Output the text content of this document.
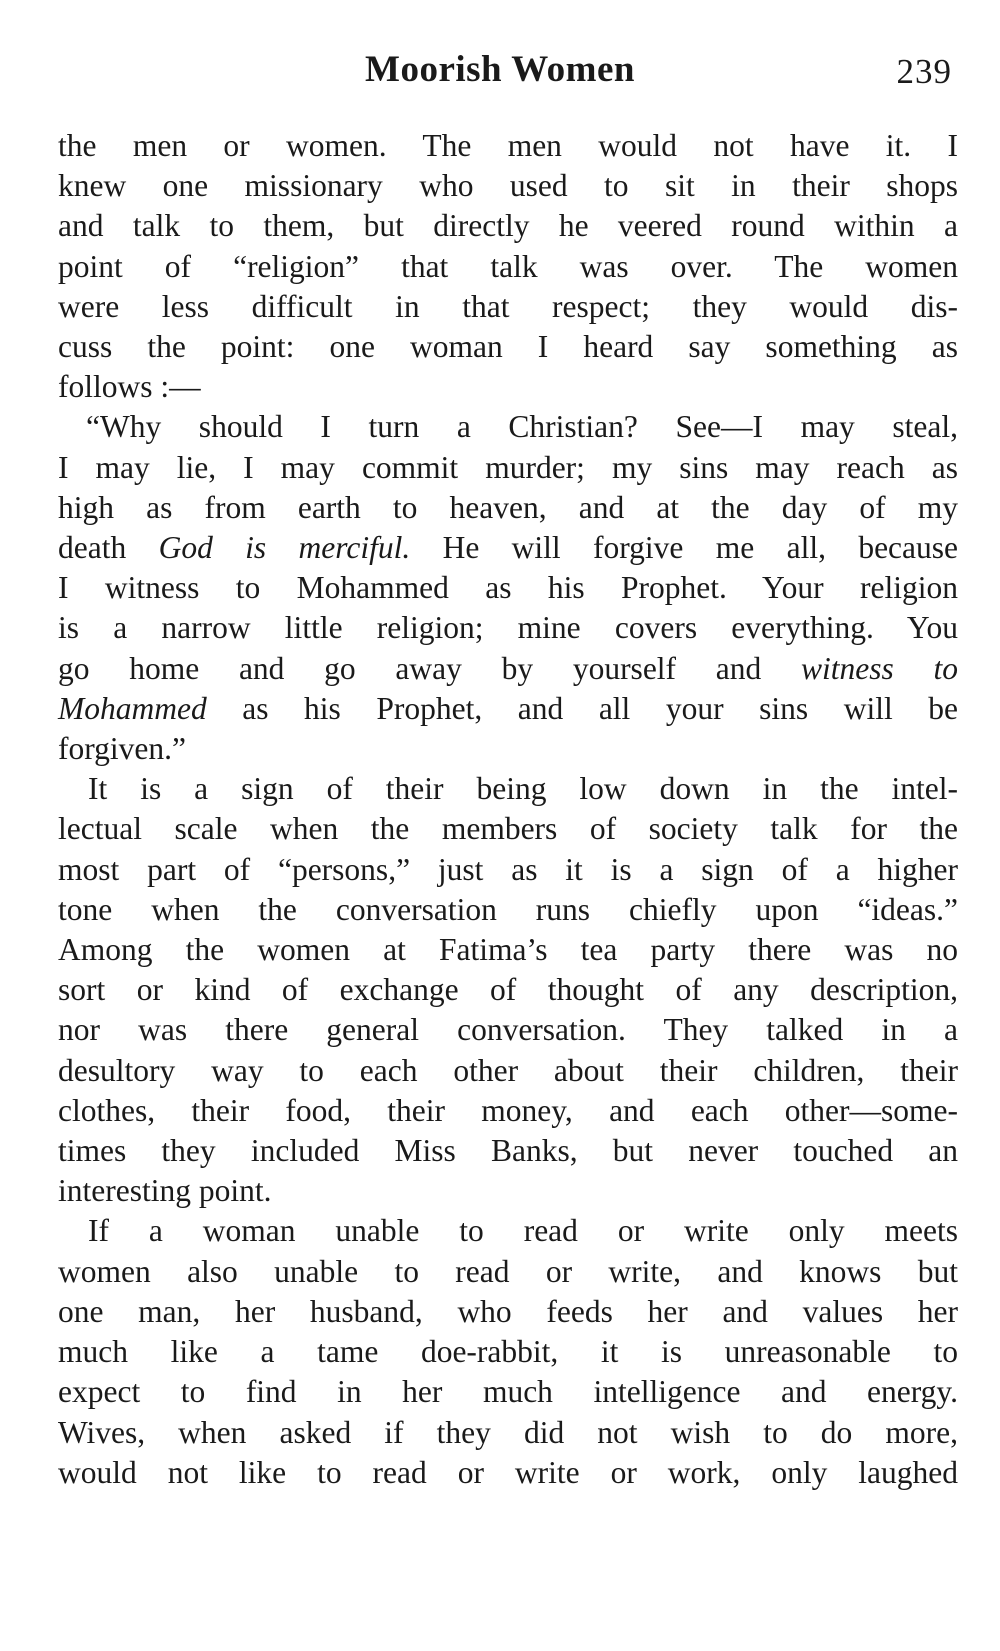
Moorish Women	239

the men or women. The men would not have it. I
knew one missionary who used to sit in their shops
and talk to them, but directly he veered round within a
point of “religion” that talk was over. The women
were less difficult in that respect; they would dis-
cuss the point: one woman I heard say something as
follows :—

“Why should I turn a Christian? See—I may steal,
I may lie, I may commit murder; my sins may reach as
high as from earth to heaven, and at the day of my
death God is merciful. He will forgive me all, because
I witness to Mohammed as his Prophet. Your religion
is a narrow little religion; mine covers everything. You
go home and go away by yourself and witness to
Mohammed as his Prophet, and all your sins will be
forgiven.”

It is a sign of their being low down in the intel-
lectual scale when the members of society talk for the
most part of “persons,” just as it is a sign of a higher
tone when the conversation runs chiefly upon “ideas.”
Among the women at Fatima’s tea party there was no
sort or kind of exchange of thought of any description,
nor was there general conversation. They talked in a
desultory way to each other about their children, their
clothes, their food, their money, and each other—some-
times they included Miss Banks, but never touched an
interesting point.

If a woman unable to read or write only meets
women also unable to read or write, and knows but
one man, her husband, who feeds her and values her
much like a tame doe-rabbit, it is unreasonable to
expect to find in her much intelligence and energy.
Wives, when asked if they did not wish to do more,
would not like to read or write or work, only laughed
